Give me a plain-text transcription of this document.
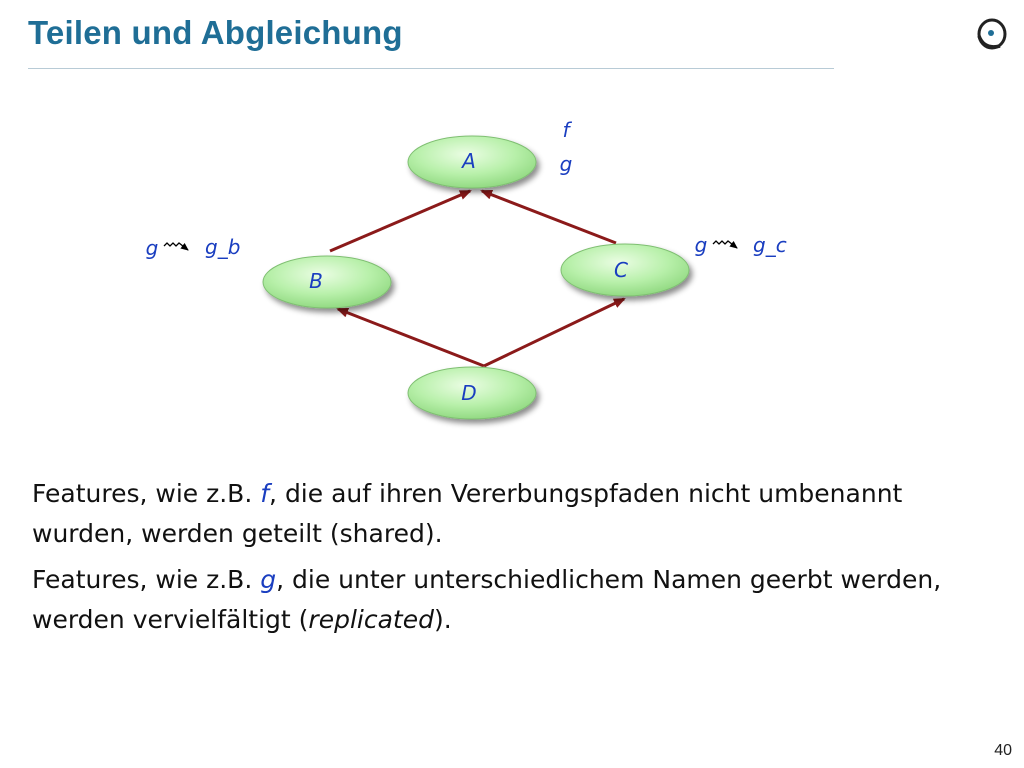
Teilen und Abgleichung
A
B	C
D
f
g
g g_b	g g_c

Features, wie z.B. f, die auf ihren Vererbungspfaden nicht umbenannt wurden, werden geteilt (shared).

Features, wie z.B. g, die unter unterschiedlichem Namen geerbt werden, werden vervielfältigt (replicated).

40
